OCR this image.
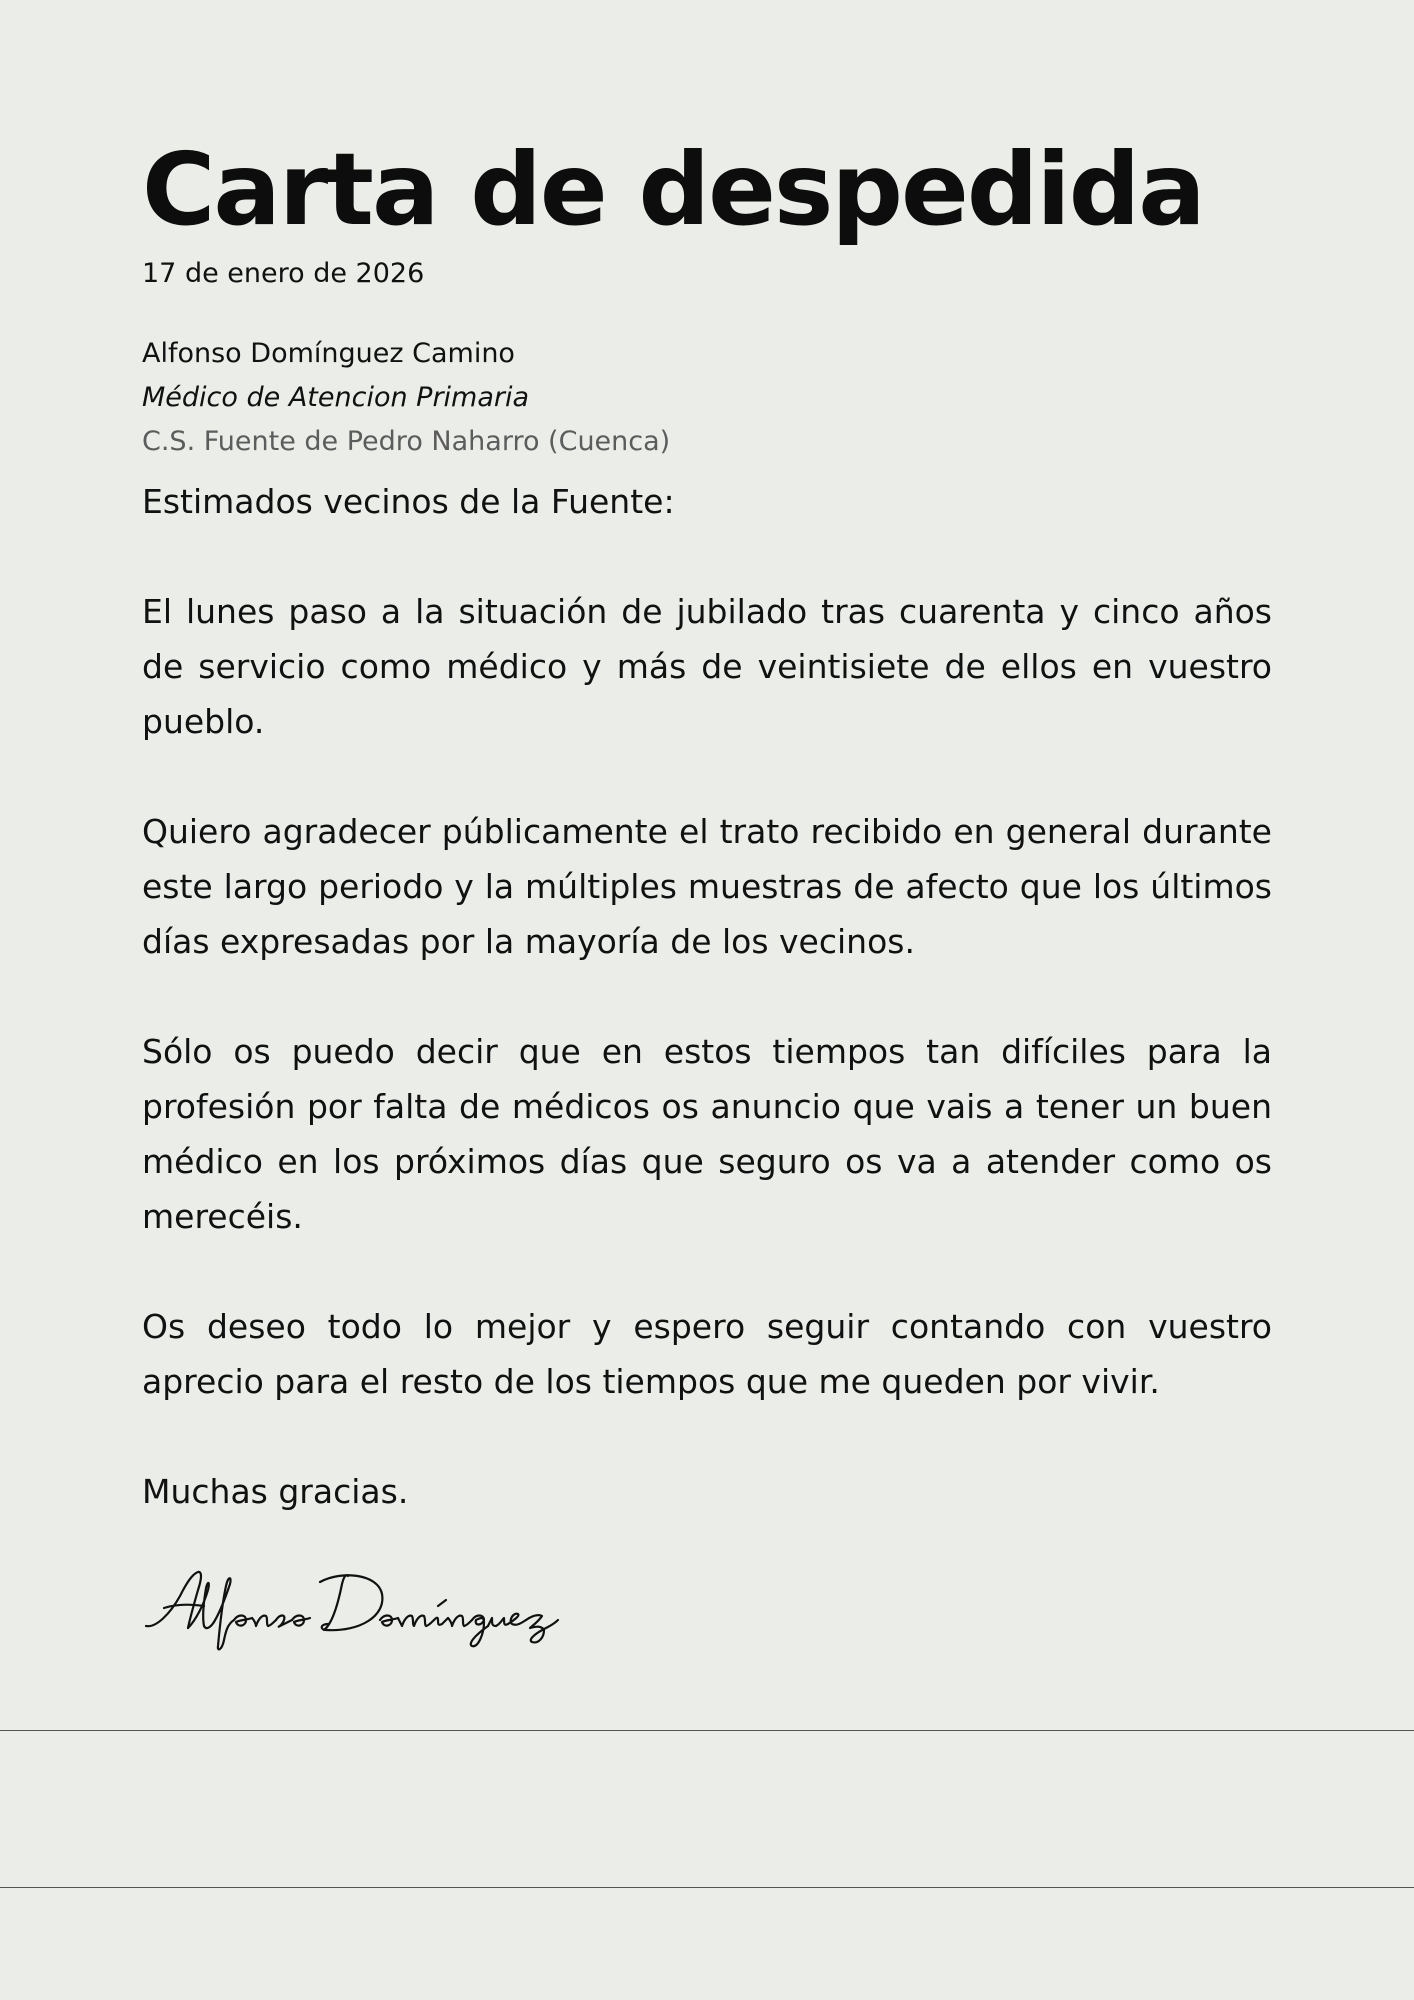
Carta de despedida
17 de enero de 2026
Alfonso Domínguez Camino
Médico de Atencion Primaria
C.S. Fuente de Pedro Naharro (Cuenca)

Estimados vecinos de la Fuente:

El lunes paso a la situación de jubilado tras cuarenta y cinco años de servicio como médico y más de veintisiete de ellos en vuestro pueblo.

Quiero agradecer públicamente el trato recibido en general durante este largo periodo y la múltiples muestras de afecto que los últimos días expresadas por la mayoría de los vecinos.

Sólo os puedo decir que en estos tiempos tan difíciles para la profesión por falta de médicos os anuncio que vais a tener un buen médico en los próximos días que seguro os va a atender como os merecéis.

Os deseo todo lo mejor y espero seguir contando con vuestro aprecio para el resto de los tiempos que me queden por vivir.

Muchas gracias.
